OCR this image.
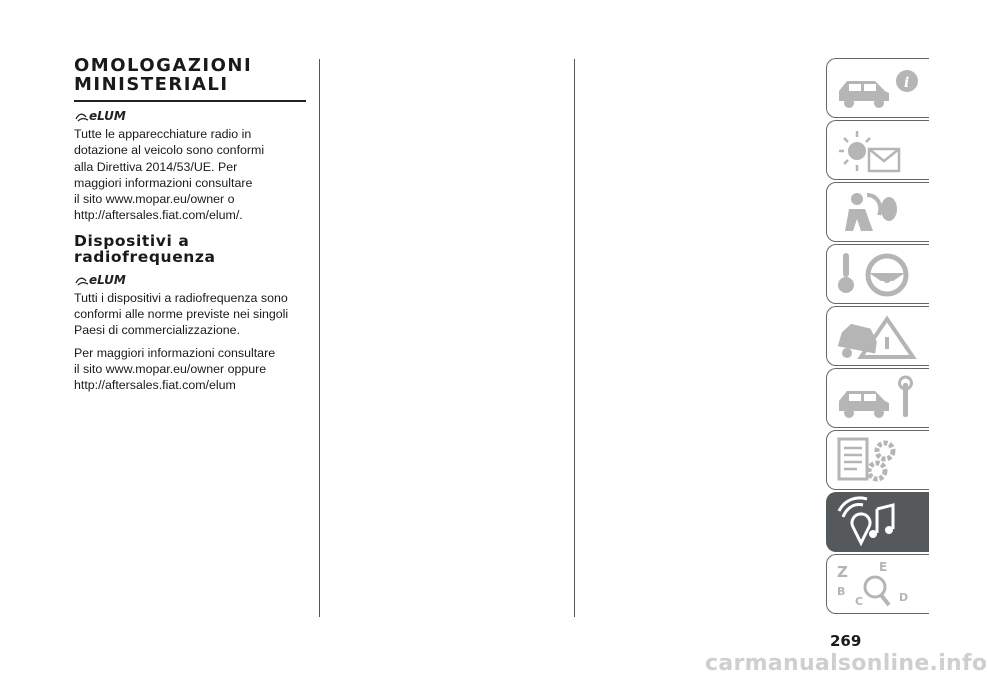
OMOLOGAZIONI
MINISTERIALI
eLUM
Tutte le apparecchiature radio in
dotazione al veicolo sono conformi
alla Direttiva 2014/53/UE. Per
maggiori informazioni consultare
il sito www.mopar.eu/owner o
http://aftersales.fiat.com/elum/.
Dispositivi a
radiofrequenza
eLUM
Tutti i dispositivi a radiofrequenza sono
conformi alle norme previste nei singoli
Paesi di commercializzazione.
Per maggiori informazioni consultare
il sito www.mopar.eu/owner oppure
http://aftersales.fiat.com/elum
i
Z
B
C
E
D
269
carmanualsonline.info
